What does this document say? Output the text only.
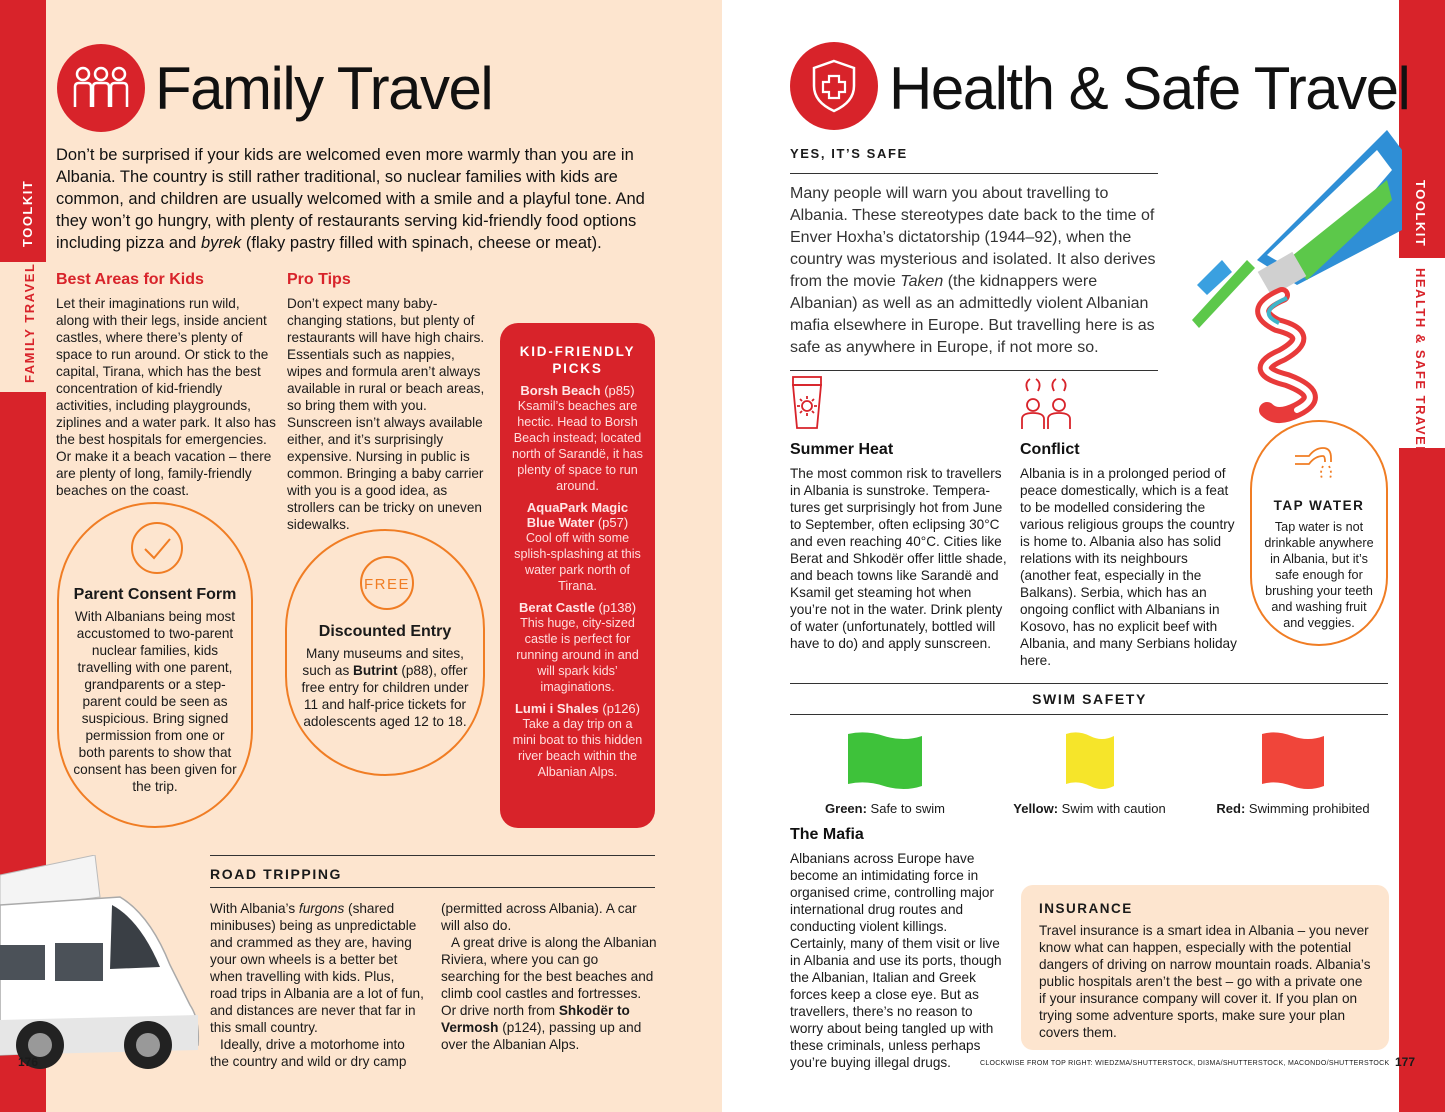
TOOLKIT
FAMILY TRAVEL
Family Travel
Don’t be surprised if your kids are welcomed even more warmly than you are in Albania. The country is still rather traditional, so nuclear families with kids are common, and children are usually welcomed with a smile and a playful tone. And they won’t go hungry, with plenty of restaurants serving kid-friendly food options including pizza and byrek (flaky pastry filled with spinach, cheese or meat).
Best Areas for Kids
Let their imaginations run wild, along with their legs, inside ancient castles, where there’s plenty of space to run around. Or stick to the capital, Tirana, which has the best concentration of kid-friendly activities, including playgrounds, ziplines and a water park. It also has the best hospitals for emergencies. Or make it a beach vacation – there are plenty of long, family-friendly beaches on the coast.
Pro Tips
Don’t expect many baby-changing stations, but plenty of restaurants will have high chairs. Essentials such as nappies, wipes and formula aren’t always available in rural or beach areas, so bring them with you. Sunscreen isn’t always available either, and it’s surprisingly expensive. Nursing in public is common. Bringing a baby carrier with you is a good idea, as strollers can be tricky on uneven sidewalks.
Parent Consent Form

With Albanians being most accustomed to two-parent nuclear families, kids travelling with one parent, grandparents or a step-parent could be seen as suspicious. Bring signed permission from one or both parents to show that consent has been given for the trip.

FREE
Discounted Entry

Many museums and sites, such as Butrint (p88), offer free entry for children under 11 and half-price tickets for adolescents aged 12 to 18.

KID-FRIENDLY PICKS
Borsh Beach (p85)
Ksamil’s beaches are hectic. Head to Borsh Beach instead; located north of Sarandë, it has plenty of space to run around.
AquaPark Magic Blue Water (p57)
Cool off with some splish-splashing at this water park north of Tirana.
Berat Castle (p138)
This huge, city-sized castle is perfect for running around in and will spark kids’ imaginations.
Lumi i Shales (p126)
Take a day trip on a mini boat to this hidden river beach within the Albanian Alps.
ROAD TRIPPING

With Albania’s furgons (shared minibuses) being as unpredictable and crammed as they are, having your own wheels is a better bet when travelling with kids. Plus, road trips in Albania are a lot of fun, and distances are never that far in this small country.

Ideally, drive a motorhome into the country and wild or dry camp

(permitted across Albania). A car will also do.

A great drive is along the Albanian Riviera, where you can go searching for the best beaches and climb cool castles and fortresses. Or drive north from Shkodër to Vermosh (p124), passing up and over the Albanian Alps.

176
TOOLKIT
HEALTH & SAFE TRAVEL
Health & Safe Travel
YES, IT’S SAFE
Many people will warn you about travelling to Albania. These stereotypes date back to the time of Enver Hoxha’s dictatorship (1944–92), when the country was mysterious and isolated. It also derives from the movie Taken (the kidnappers were Albanian) as well as an admittedly violent Albanian mafia elsewhere in Europe. But travelling here is as safe as anywhere in Europe, if not more so.
Summer Heat
The most common risk to travellers in Albania is sunstroke. Tempera-tures get surprisingly hot from June to September, often eclipsing 30°C and even reaching 40°C. Cities like Berat and Shkodër offer little shade, and beach towns like Sarandë and Ksamil get steaming hot when you’re not in the water. Drink plenty of water (unfortunately, bottled will have to do) and apply sunscreen.
Conflict
Albania is in a prolonged period of peace domestically, which is a feat to be modelled considering the various religious groups the country is home to. Albania also has solid relations with its neighbours (another feat, especially in the Balkans). Serbia, which has an ongoing conflict with Albanians in Kosovo, has no explicit beef with Albania, and many Serbians holiday here.
TAP WATER

Tap water is not drinkable anywhere in Albania, but it’s safe enough for brushing your teeth and washing fruit and veggies.

SWIM SAFETY
Green: Safe to swim	Yellow: Swim with caution	Red: Swimming prohibited
The Mafia
Albanians across Europe have become an intimidating force in organised crime, controlling major international drug routes and conducting violent killings. Certainly, many of them visit or live in Albania and use its ports, though the Albanian, Italian and Greek forces keep a close eye. But as travellers, there’s no reason to worry about being tangled up with these criminals, unless perhaps you’re buying illegal drugs.
INSURANCE
Travel insurance is a smart idea in Albania – you never know what can happen, especially with the potential dangers of driving on narrow mountain roads. Albania’s public hospitals aren’t the best – go with a private one if your insurance company will cover it. If you plan on trying some adventure sports, make sure your plan covers them.
CLOCKWISE FROM TOP RIGHT: WIEDZMA/SHUTTERSTOCK, DI3MA/SHUTTERSTOCK, MACONDO/SHUTTERSTOCK 177
